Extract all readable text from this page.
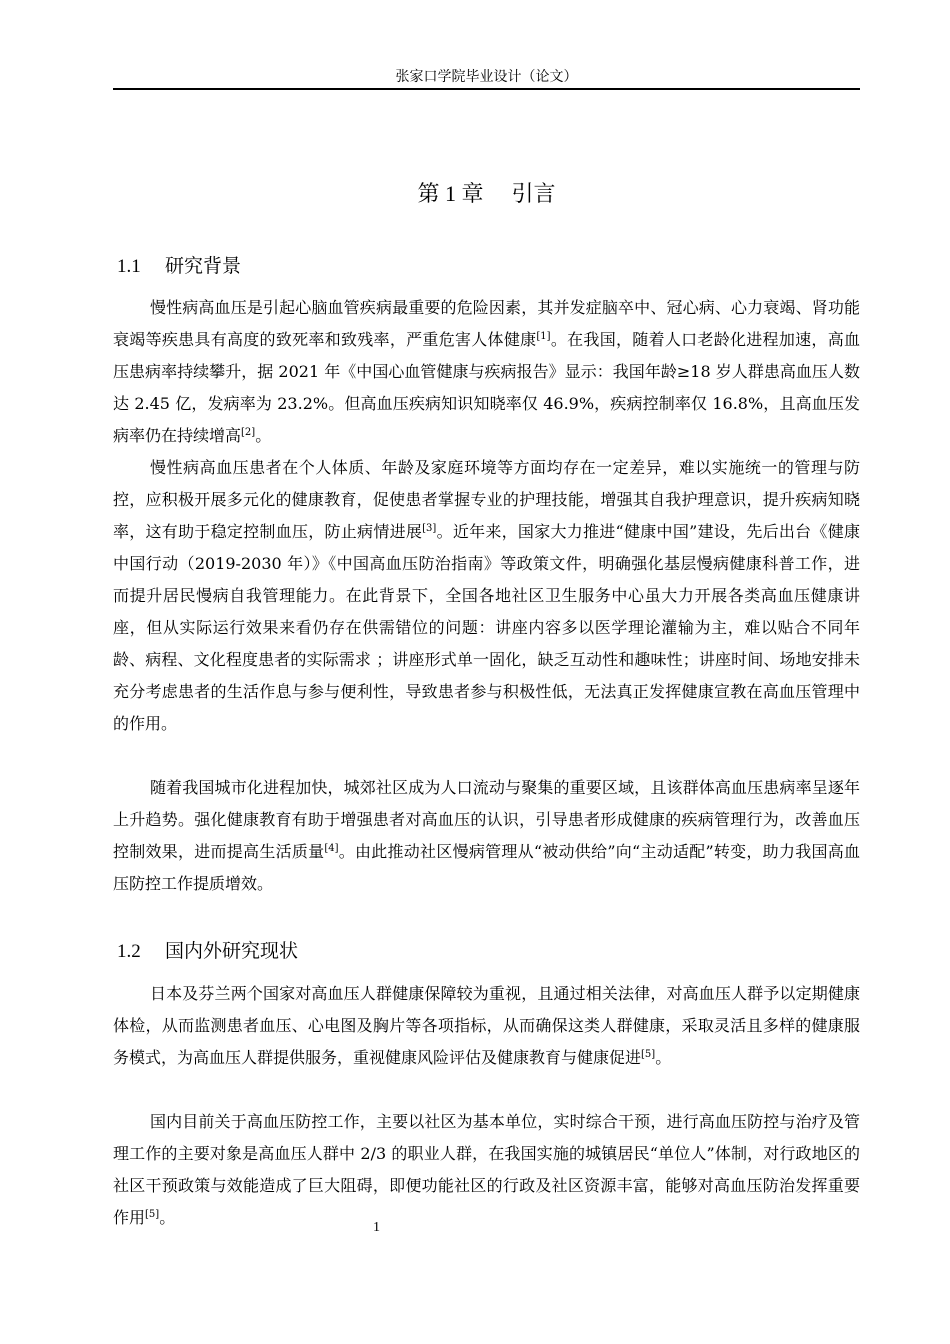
张家口学院毕业设计（论文）
第 1 章 引言
1.1 研究背景

慢性病高血压是引起心脑血管疾病最重要的危险因素，其并发症脑卒中、冠心病、心力衰竭、肾功能衰竭等疾患具有高度的致死率和致残率，严重危害人体健康[1]。在我国，随着人口老龄化进程加速，高血压患病率持续攀升，据 2021 年《中国心血管健康与疾病报告》显示：我国年龄≥18 岁人群患高血压人数达 2.45 亿，发病率为 23.2%。但高血压疾病知识知晓率仅 46.9%，疾病控制率仅 16.8%，且高血压发病率仍在持续增高[2]。

慢性病高血压患者在个人体质、年龄及家庭环境等方面均存在一定差异，难以实施统一的管理与防控，应积极开展多元化的健康教育，促使患者掌握专业的护理技能，增强其自我护理意识，提升疾病知晓率，这有助于稳定控制血压，防止病情进展[3]。近年来，国家大力推进“健康中国”建设，先后出台《健康中国行动（2019-2030 年）》《中国高血压防治指南》等政策文件，明确强化基层慢病健康科普工作，进而提升居民慢病自我管理能力。在此背景下，全国各地社区卫生服务中心虽大力开展各类高血压健康讲座，但从实际运行效果来看仍存在供需错位的问题：讲座内容多以医学理论灌输为主，难以贴合不同年龄、病程、文化程度患者的实际需求 ；讲座形式单一固化，缺乏互动性和趣味性；讲座时间、场地安排未充分考虑患者的生活作息与参与便利性，导致患者参与积极性低，无法真正发挥健康宣教在高血压管理中的作用。

随着我国城市化进程加快，城郊社区成为人口流动与聚集的重要区域，且该群体高血压患病率呈逐年上升趋势。强化健康教育有助于增强患者对高血压的认识，引导患者形成健康的疾病管理行为，改善血压控制效果，进而提高生活质量[4]。由此推动社区慢病管理从“被动供给”向“主动适配”转变，助力我国高血压防控工作提质增效。

1.2 国内外研究现状

日本及芬兰两个国家对高血压人群健康保障较为重视，且通过相关法律，对高血压人群予以定期健康体检，从而监测患者血压、心电图及胸片等各项指标，从而确保这类人群健康，采取灵活且多样的健康服务模式，为高血压人群提供服务，重视健康风险评估及健康教育与健康促进[5]。

国内目前关于高血压防控工作，主要以社区为基本单位，实时综合干预，进行高血压防控与治疗及管理工作的主要对象是高血压人群中 2/3 的职业人群，在我国实施的城镇居民“单位人”体制，对行政地区的社区干预政策与效能造成了巨大阻碍，即便功能社区的行政及社区资源丰富，能够对高血压防治发挥重要作用[5]。

1
